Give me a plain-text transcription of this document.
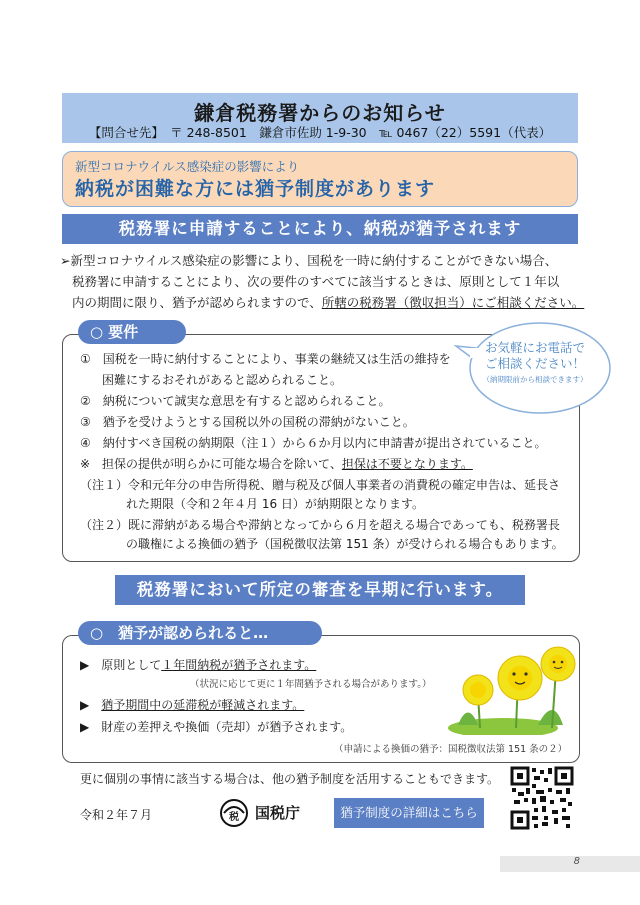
鎌倉税務署からのお知らせ
【問合せ先】　〒 248-8501　鎌倉市佐助 1-9-30　℡ 0467（22）5591（代表）
新型コロナウイルス感染症の影響により
納税が困難な方には猶予制度があります
税務署に申請することにより、納税が猶予されます
➢新型コロナウイルス感染症の影響により、国税を一時に納付することができない場合、
税務署に申請することにより、次の要件のすべてに該当するときは、原則として１年以
内の期間に限り、猶予が認められますので、所轄の税務署（徴収担当）にご相談ください。
○ 要件
①　国税を一時に納付することにより、事業の継続又は生活の維持を
困難にするおそれがあると認められること。
②　納税について誠実な意思を有すると認められること。
③　猶予を受けようとする国税以外の国税の滞納がないこと。
④　納付すべき国税の納期限（注１）から６か月以内に申請書が提出されていること。
※　担保の提供が明らかに可能な場合を除いて、担保は不要となります。
（注１）令和元年分の申告所得税、贈与税及び個人事業者の消費税の確定申告は、延長さ
れた期限（令和２年４月 16 日）が納期限となります。
（注２）既に滞納がある場合や滞納となってから６月を超える場合であっても、税務署長
の職権による換価の猶予（国税徴収法第 151 条）が受けられる場合もあります。
お気軽にお電話で
ご相談ください！
（納期限前から相談できます）
税務署において所定の審査を早期に行います。
○　猶予が認められると…
▶　原則として１年間納税が猶予されます。
（状況に応じて更に１年間猶予される場合があります。）
▶　猶予期間中の延滞税が軽減されます。
▶　財産の差押えや換価（売却）が猶予されます。
（申請による換価の猶予：国税徴収法第 151 条の２）
更に個別の事情に該当する場合は、他の猶予制度を活用することもできます。
令和２年７月	税	国税庁	猶予制度の詳細はこちら
8
